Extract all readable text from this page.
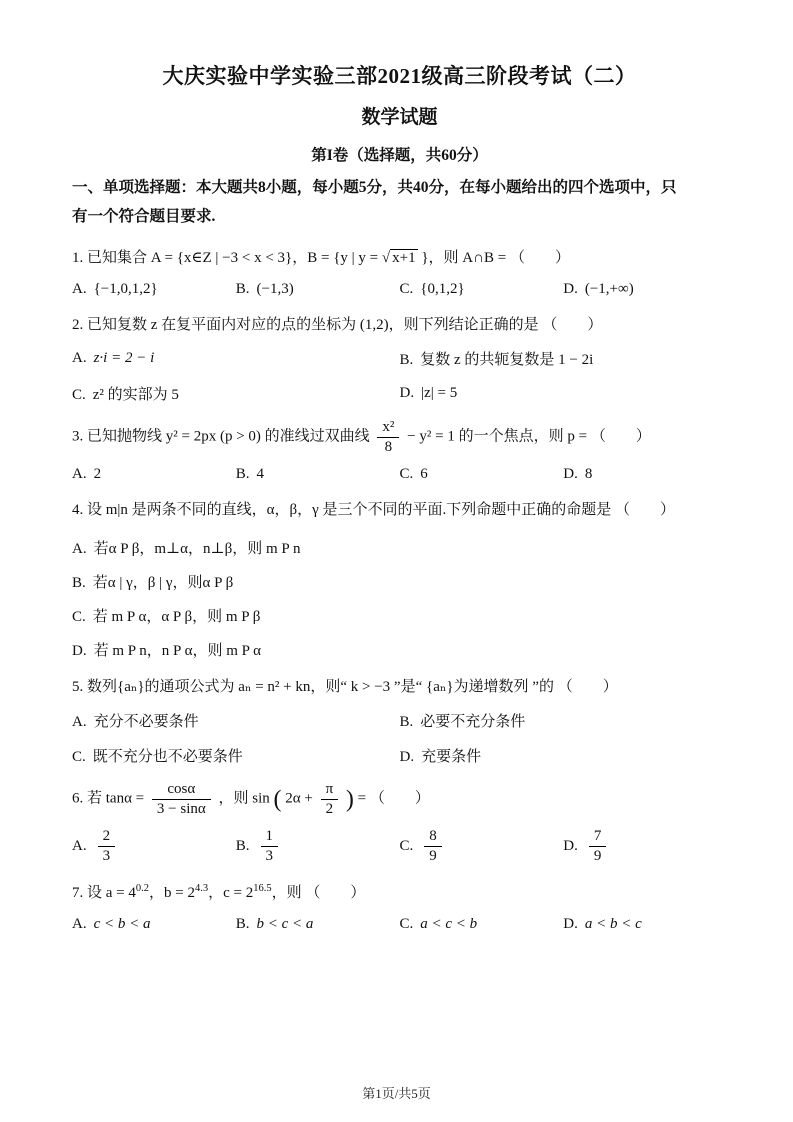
大庆实验中学实验三部2021级高三阶段考试（二）
数学试题
第I卷（选择题，共60分）
一、单项选择题：本大题共8小题，每小题5分，共40分，在每小题给出的四个选项中，只
有一个符合题目要求.
1. 已知集合 A = {x∈Z | −3 < x < 3}，B = {y | y = √ x+1 }，则 A∩B = （　　）
A. {−1,0,1,2}	B. (−1,3)	C. {0,1,2}	D. (−1,+∞)
2. 已知复数 z 在复平面内对应的点的坐标为 (1,2)，则下列结论正确的是 （　　）
A. z·i = 2 − i	B. 复数 z 的共轭复数是 1 − 2i
C. z² 的实部为 5	D. |z| = 5
3. 已知抛物线 y² = 2px (p > 0) 的准线过双曲线 $\frac{\text{x²}}{8} - y^2 = 1$ 的一个焦点，则 p = （　　）
A. 2	B. 4	C. 6	D. 8
4. 设 m|n 是两条不同的直线，α，β，γ 是三个不同的平面.下列命题中正确的命题是 （　　）
A. 若α P β，m⊥α，n⊥β，则 m P n
B. 若α | γ，β | γ，则α P β
C. 若 m P α，α P β，则 m P β
D. 若 m P n，n P α，则 m P α
5. 数列{aₙ}的通项公式为 aₙ = n² + kn，则“ k > −3 ”是“ {aₙ}为递增数列 ”的 （　　）
A. 充分不必要条件	B. 必要不充分条件
C. 既不充分也不必要条件	D. 充要条件
6. 若 $\tan\alpha = \frac{\cos\alpha}{3 - \sin\alpha}$ ，则 sin ( $2\alpha + \frac{\pi}{2}$ ) = （　　）
A. $\frac{2}{3}$	B. $\frac{1}{3}$	C. $\frac{8}{9}$	D. $\frac{7}{9}$
7. 设 $a = 4^{0.2}$，$b = 2^{4.3}$，$c = 2^{16.5}$，则 （　　）
A. c < b < a	B. b < c < a	C. a < c < b	D. a < b < c
第1页/共5页
